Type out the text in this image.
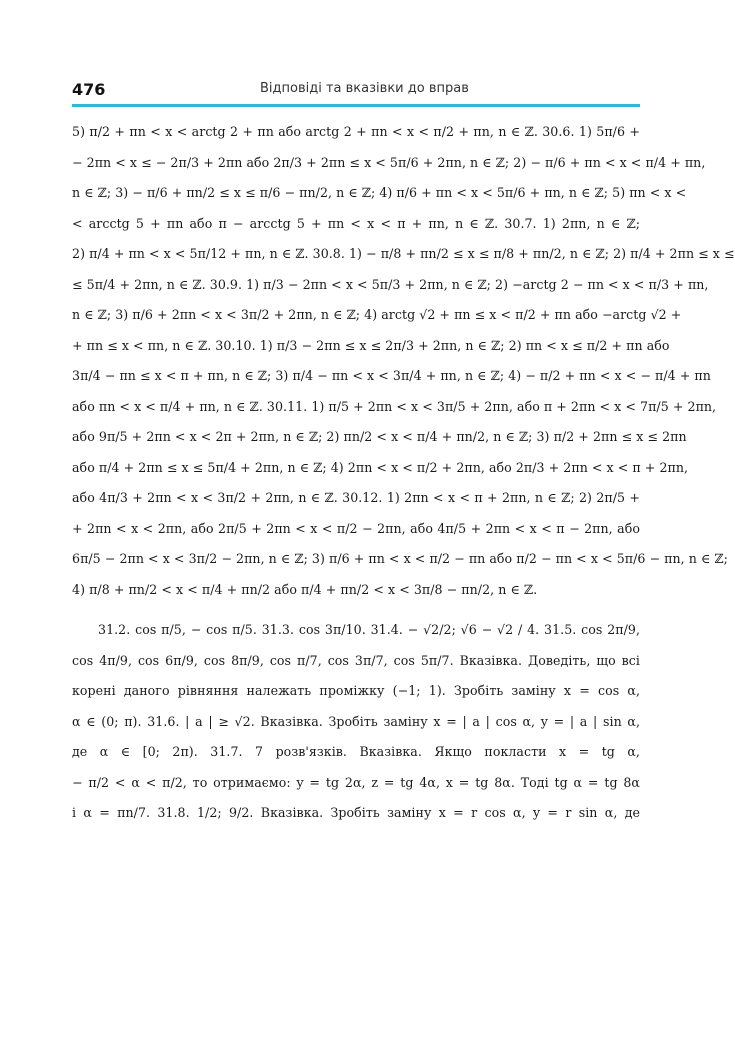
476	Відповіді та вказівки до вправ
5) π/2 + πn < x < arctg 2 + πn або arctg 2 + πn < x < π/2 + πn, n ∈ ℤ. 30.6. 1) 5π/6 +
− 2πn < x ≤ − 2π/3 + 2πn або 2π/3 + 2πn ≤ x < 5π/6 + 2πn, n ∈ ℤ; 2) − π/6 + πn < x < π/4 + πn,
n ∈ ℤ; 3) − π/6 + πn/2 ≤ x ≤ π/6 − πn/2, n ∈ ℤ; 4) π/6 + πn < x < 5π/6 + πn, n ∈ ℤ; 5) πn < x <
< arcctg 5 + πn або π − arcctg 5 + πn < x < π + πn, n ∈ ℤ. 30.7. 1) 2πn, n ∈ ℤ;
2) π/4 + πn < x < 5π/12 + πn, n ∈ ℤ. 30.8. 1) − π/8 + πn/2 ≤ x ≤ π/8 + πn/2, n ∈ ℤ; 2) π/4 + 2πn ≤ x ≤
≤ 5π/4 + 2πn, n ∈ ℤ. 30.9. 1) π/3 − 2πn < x < 5π/3 + 2πn, n ∈ ℤ; 2) −arctg 2 − πn < x < π/3 + πn,
n ∈ ℤ; 3) π/6 + 2πn < x < 3π/2 + 2πn, n ∈ ℤ; 4) arctg √2 + πn ≤ x < π/2 + πn або −arctg √2 +
+ πn ≤ x < πn, n ∈ ℤ. 30.10. 1) π/3 − 2πn ≤ x ≤ 2π/3 + 2πn, n ∈ ℤ; 2) πn < x ≤ π/2 + πn або
3π/4 − πn ≤ x < π + πn, n ∈ ℤ; 3) π/4 − πn < x < 3π/4 + πn, n ∈ ℤ; 4) − π/2 + πn < x < − π/4 + πn
або πn < x < π/4 + πn, n ∈ ℤ. 30.11. 1) π/5 + 2πn < x < 3π/5 + 2πn, або π + 2πn < x < 7π/5 + 2πn,
або 9π/5 + 2πn < x < 2π + 2πn, n ∈ ℤ; 2) πn/2 < x < π/4 + πn/2, n ∈ ℤ; 3) π/2 + 2πn ≤ x ≤ 2πn
або π/4 + 2πn ≤ x ≤ 5π/4 + 2πn, n ∈ ℤ; 4) 2πn < x < π/2 + 2πn, або 2π/3 + 2πn < x < π + 2πn,
або 4π/3 + 2πn < x < 3π/2 + 2πn, n ∈ ℤ. 30.12. 1) 2πn < x < π + 2πn, n ∈ ℤ; 2) 2π/5 +
+ 2πn < x < 2πn, або 2π/5 + 2πn < x < π/2 − 2πn, або 4π/5 + 2πn < x < π − 2πn, або
6π/5 − 2πn < x < 3π/2 − 2πn, n ∈ ℤ; 3) π/6 + πn < x < π/2 − πn або π/2 − πn < x < 5π/6 − πn, n ∈ ℤ;
4) π/8 + πn/2 < x < π/4 + πn/2 або π/4 + πn/2 < x < 3π/8 − πn/2, n ∈ ℤ.
31.2. cos π/5, − cos π/5. 31.3. cos 3π/10. 31.4. − √2/2; √6 − √2 / 4. 31.5. cos 2π/9,
cos 4π/9, cos 6π/9, cos 8π/9, cos π/7, cos 3π/7, cos 5π/7. Вказівка. Доведіть, що всі
корені даного рівняння належать проміжку (−1; 1). Зробіть заміну x = cos α,
α ∈ (0; π). 31.6. | a | ≥ √2. Вказівка. Зробіть заміну x = | a | cos α, y = | a | sin α,
де α ∈ [0; 2π). 31.7. 7 розв'язків. Вказівка. Якщо покласти x = tg α,
− π/2 < α < π/2, то отримаємо: y = tg 2α, z = tg 4α, x = tg 8α. Тоді tg α = tg 8α
і α = πn/7. 31.8. 1/2; 9/2. Вказівка. Зробіть заміну x = r cos α, y = r sin α, де
